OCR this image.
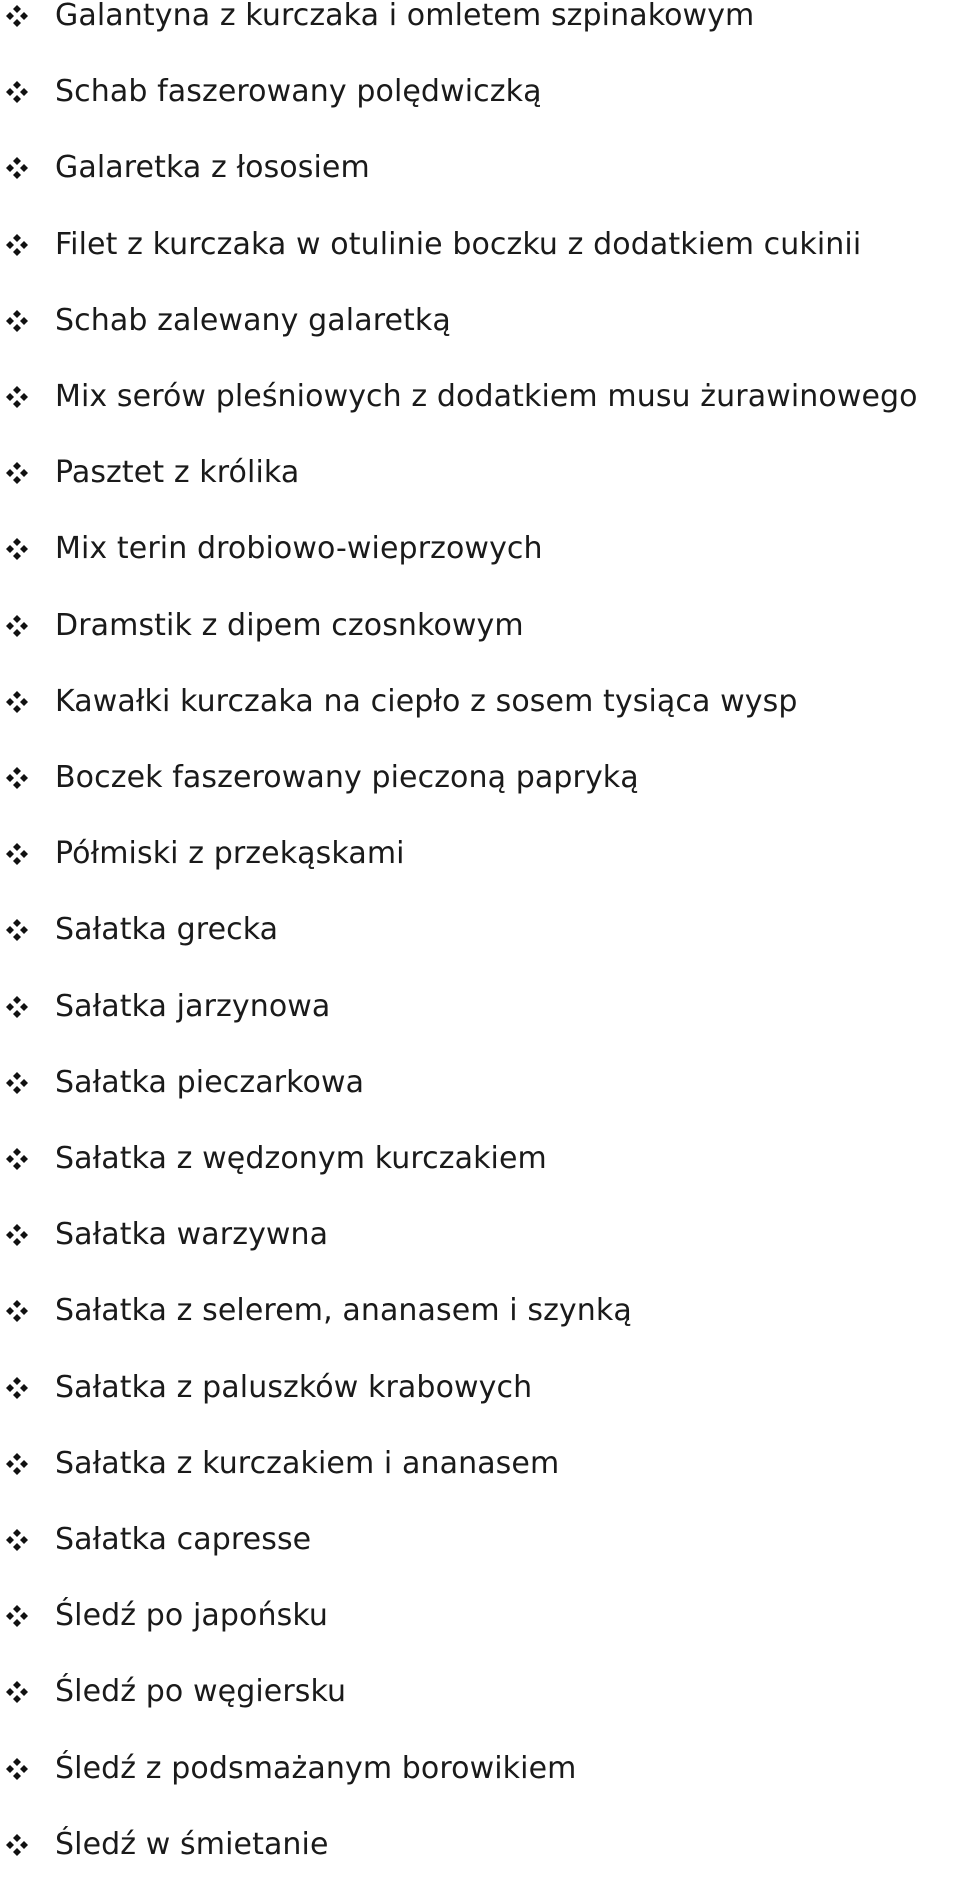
Galantyna z kurczaka i omletem szpinakowym
Schab faszerowany polędwiczką
Galaretka z łososiem
Filet z kurczaka w otulinie boczku z dodatkiem cukinii
Schab zalewany galaretką
Mix serów pleśniowych z dodatkiem musu żurawinowego
Pasztet z królika
Mix terin drobiowo-wieprzowych
Dramstik z dipem czosnkowym
Kawałki kurczaka na ciepło z sosem tysiąca wysp
Boczek faszerowany pieczoną papryką
Półmiski z przekąskami
Sałatka grecka
Sałatka jarzynowa
Sałatka pieczarkowa
Sałatka z wędzonym kurczakiem
Sałatka warzywna
Sałatka z selerem, ananasem i szynką
Sałatka z paluszków krabowych
Sałatka z kurczakiem i ananasem
Sałatka capresse
Śledź po japońsku
Śledź po węgiersku
Śledź z podsmażanym borowikiem
Śledź w śmietanie
